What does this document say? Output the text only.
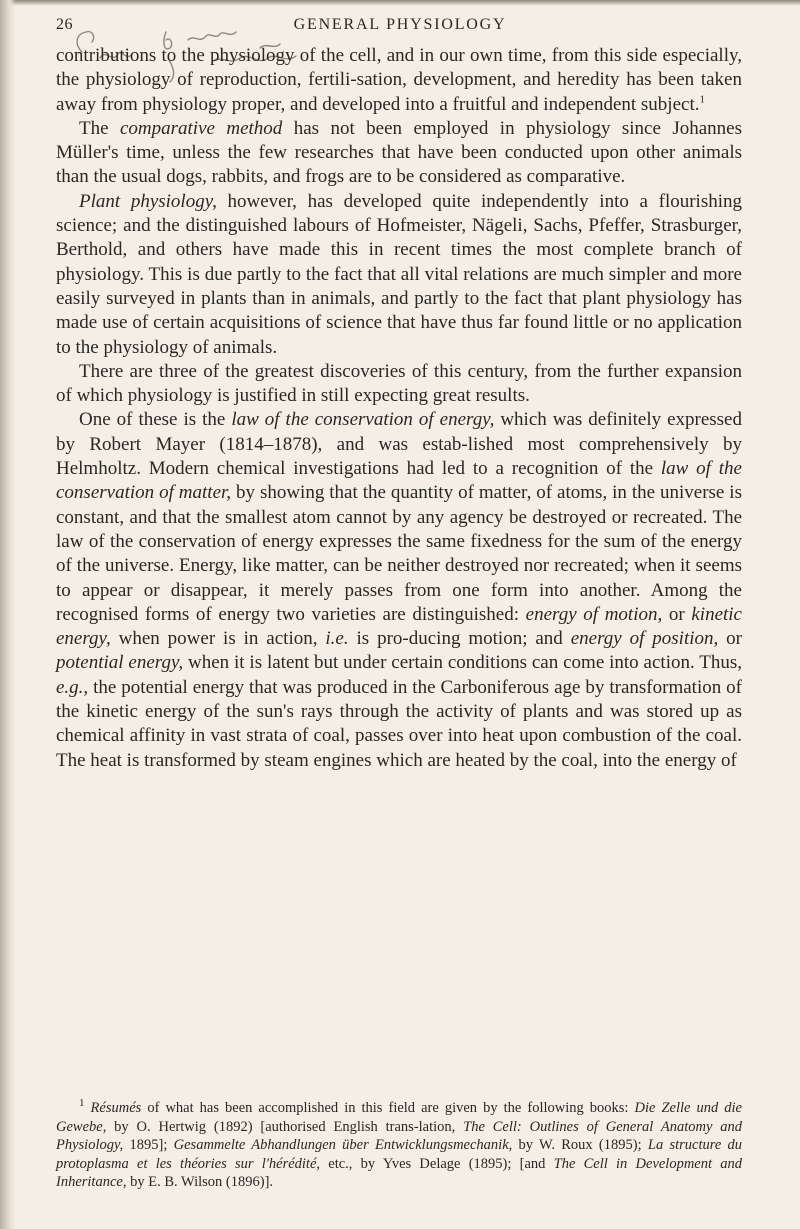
26	GENERAL PHYSIOLOGY

contributions to the physiology of the cell, and in our own time, from this side especially, the physiology of reproduction, fertili-sation, development, and heredity has been taken away from physiology proper, and developed into a fruitful and independent subject.$^1$

The comparative method has not been employed in physiology since Johannes Müller's time, unless the few researches that have been conducted upon other animals than the usual dogs, rabbits, and frogs are to be considered as comparative.

Plant physiology, however, has developed quite independently into a flourishing science; and the distinguished labours of Hofmeister, Nägeli, Sachs, Pfeffer, Strasburger, Berthold, and others have made this in recent times the most complete branch of physiology. This is due partly to the fact that all vital relations are much simpler and more easily surveyed in plants than in animals, and partly to the fact that plant physiology has made use of certain acquisitions of science that have thus far found little or no application to the physiology of animals.

There are three of the greatest discoveries of this century, from the further expansion of which physiology is justified in still expecting great results.

One of these is the law of the conservation of energy, which was definitely expressed by Robert Mayer (1814–1878), and was estab-lished most comprehensively by Helmholtz. Modern chemical investigations had led to a recognition of the law of the conservation of matter, by showing that the quantity of matter, of atoms, in the universe is constant, and that the smallest atom cannot by any agency be destroyed or recreated. The law of the conservation of energy expresses the same fixedness for the sum of the energy of the universe. Energy, like matter, can be neither destroyed nor recreated; when it seems to appear or disappear, it merely passes from one form into another. Among the recognised forms of energy two varieties are distinguished: energy of motion, or kinetic energy, when power is in action, i.e. is pro-ducing motion; and energy of position, or potential energy, when it is latent but under certain conditions can come into action. Thus, e.g., the potential energy that was produced in the Carboniferous age by transformation of the kinetic energy of the sun's rays through the activity of plants and was stored up as chemical affinity in vast strata of coal, passes over into heat upon combustion of the coal. The heat is transformed by steam engines which are heated by the coal, into the energy of

$^1$ Résumés of what has been accomplished in this field are given by the following books: Die Zelle und die Gewebe, by O. Hertwig (1892) [authorised English trans-lation, The Cell: Outlines of General Anatomy and Physiology, 1895]; Gesammelte Abhandlungen über Entwicklungsmechanik, by W. Roux (1895); La structure du protoplasma et les théories sur l'hérédité, etc., by Yves Delage (1895); [and The Cell in Development and Inheritance, by E. B. Wilson (1896)].
